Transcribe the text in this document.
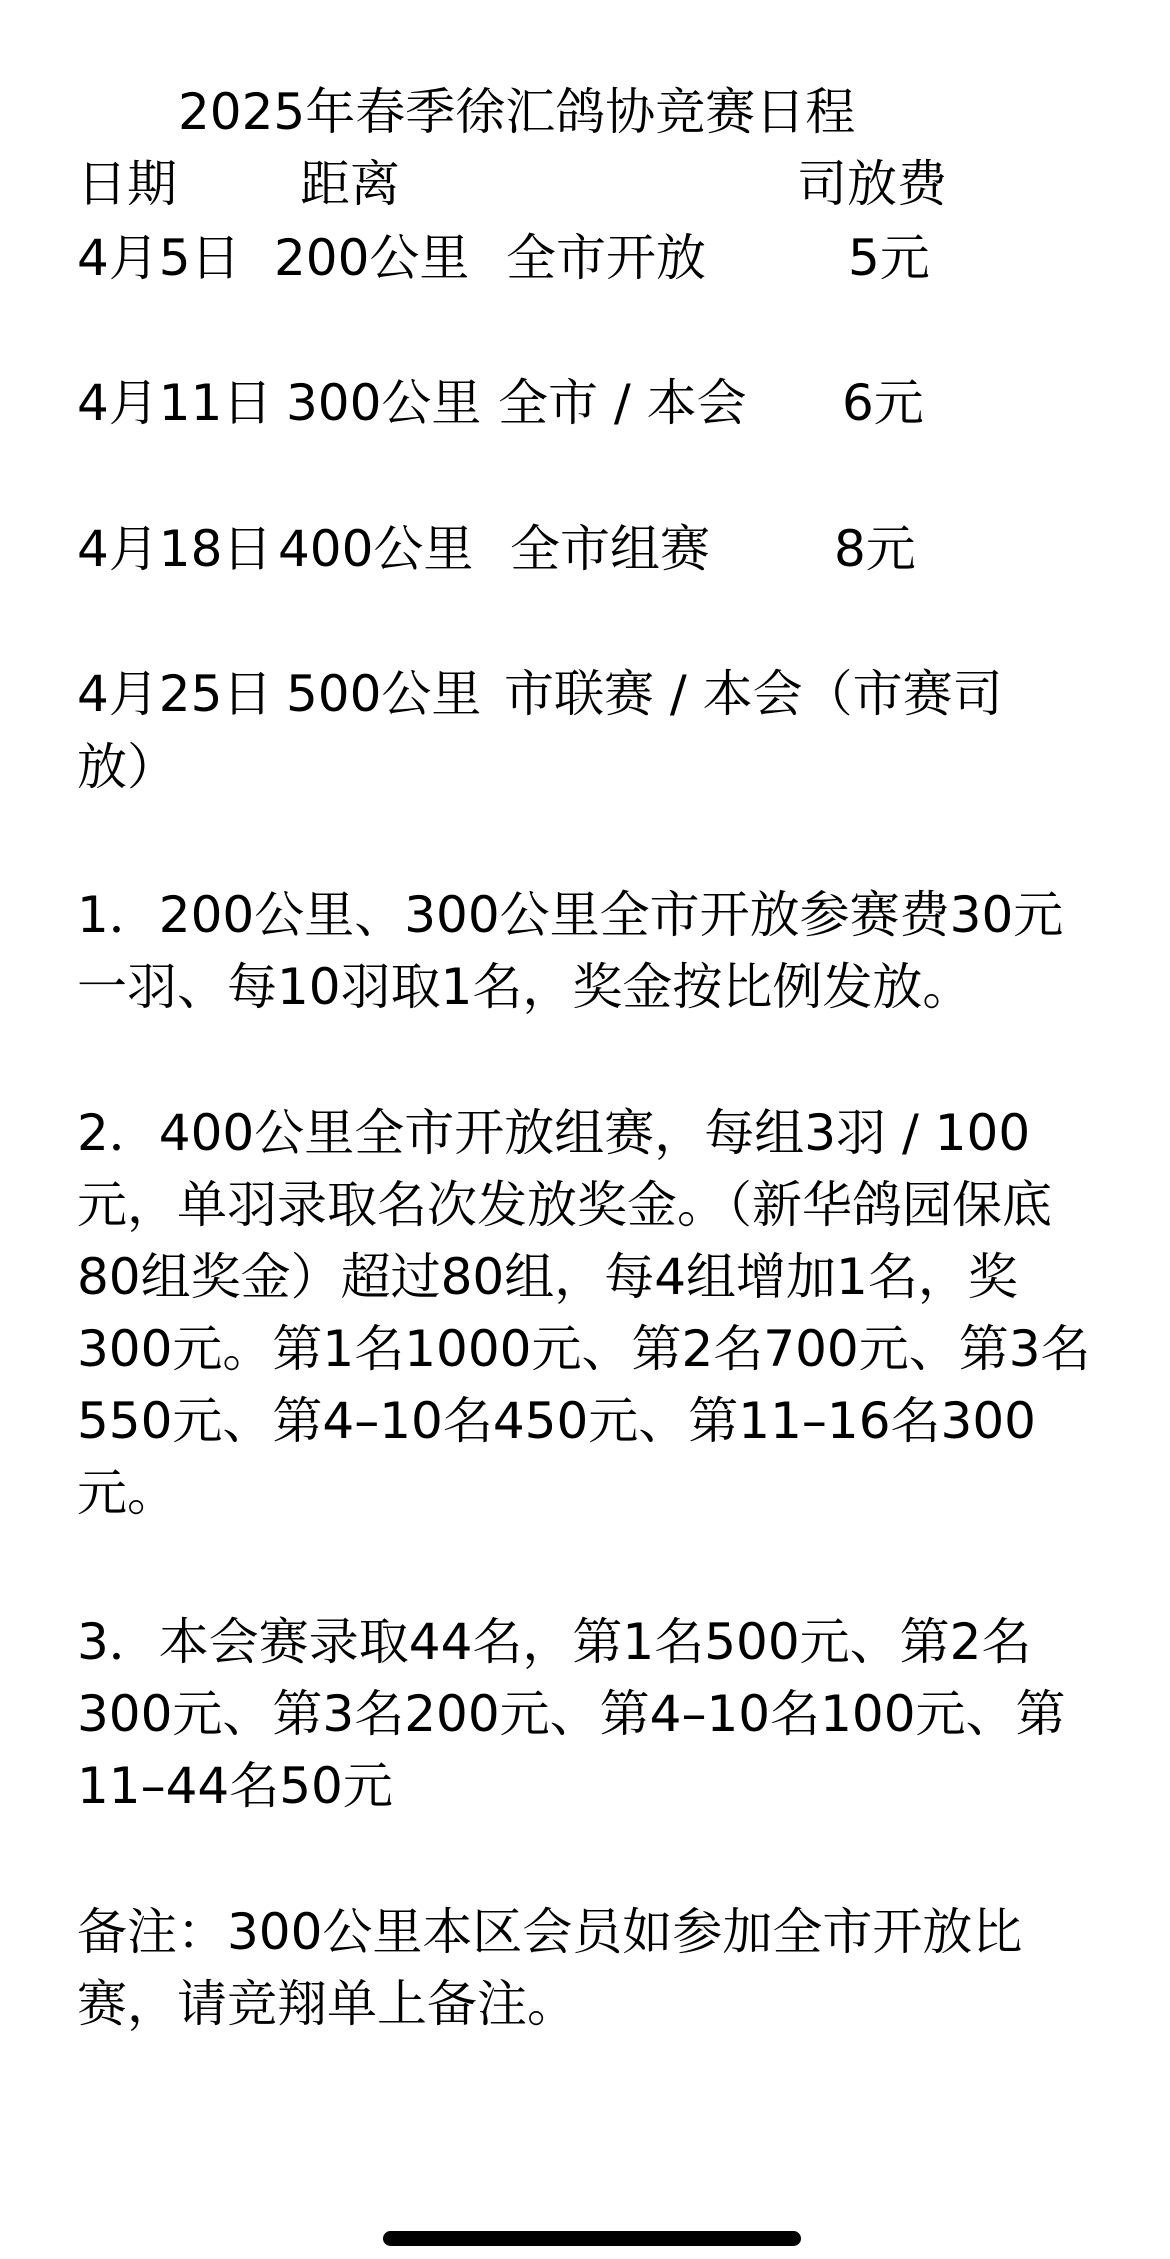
2025年春季徐汇鸽协竞赛日程
日期 距离	司放费
4月5日 200公里 全市开放	5元
4月11日 300公里 全市 / 本会 6元
4月18日 400公里 全市组赛 8元
4月25日 500公里 市联赛 / 本会（市赛司
放）
1．200公里、300公里全市开放参赛费30元
一羽、每10羽取1名，奖金按比例发放。
2．400公里全市开放组赛，每组3羽 / 100
元，单羽录取名次发放奖金。（新华鸽园保底
80组奖金）超过80组，每4组增加1名，奖
300元。第1名1000元、第2名700元、第3名
550元、第4–10名450元、第11–16名300
元。
3．本会赛录取44名，第1名500元、第2名
300元、第3名200元、第4–10名100元、第
11–44名50元
备注：300公里本区会员如参加全市开放比
赛，请竞翔单上备注。
